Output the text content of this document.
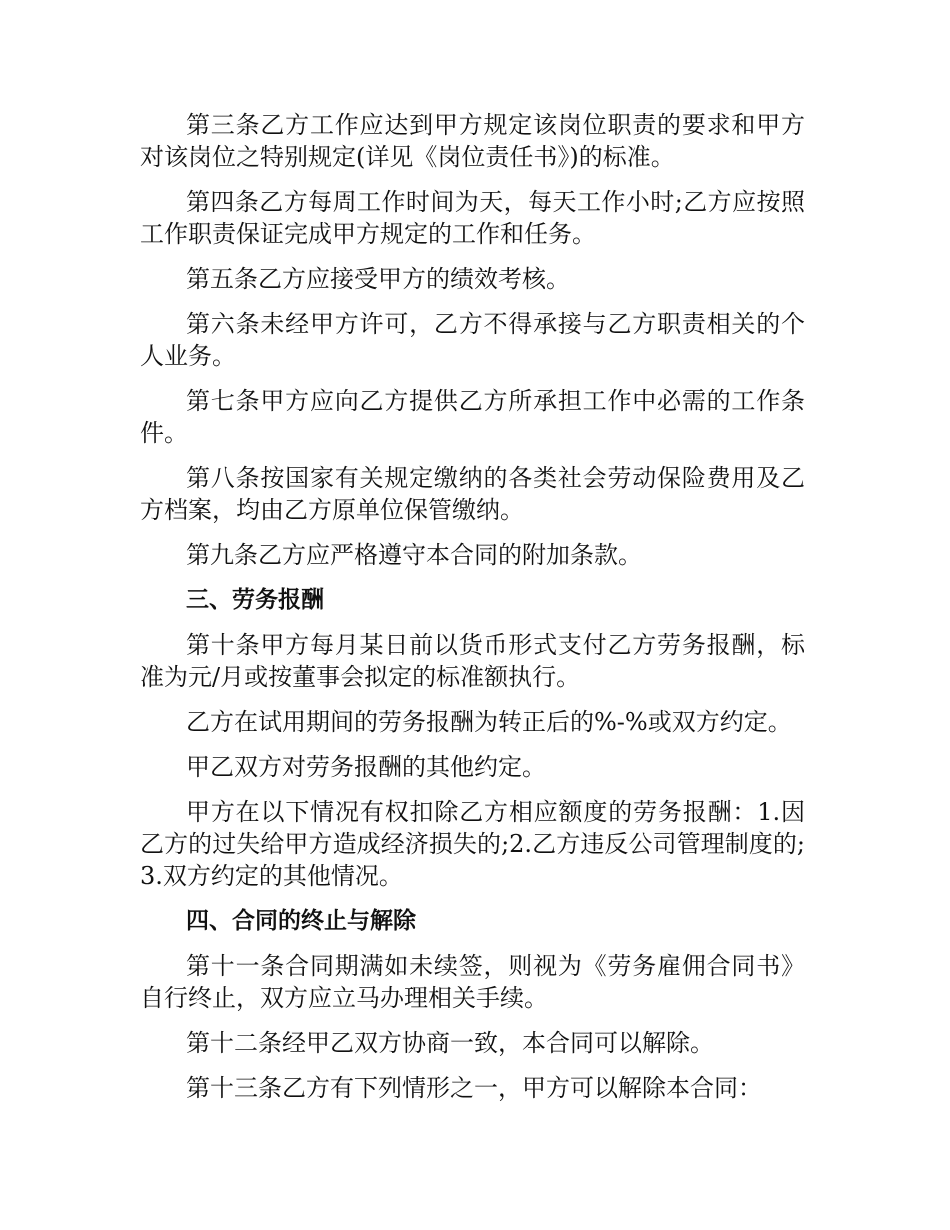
第三条乙方工作应达到甲方规定该岗位职责的要求和甲方对该岗位之特别规定(详见《岗位责任书》)的标准。

第四条乙方每周工作时间为天，每天工作小时;乙方应按照工作职责保证完成甲方规定的工作和任务。

第五条乙方应接受甲方的绩效考核。

第六条未经甲方许可，乙方不得承接与乙方职责相关的个人业务。

第七条甲方应向乙方提供乙方所承担工作中必需的工作条件。

第八条按国家有关规定缴纳的各类社会劳动保险费用及乙方档案，均由乙方原单位保管缴纳。

第九条乙方应严格遵守本合同的附加条款。

三、劳务报酬

第十条甲方每月某日前以货币形式支付乙方劳务报酬，标准为元/月或按董事会拟定的标准额执行。

乙方在试用期间的劳务报酬为转正后的%-%或双方约定。

甲乙双方对劳务报酬的其他约定。

甲方在以下情况有权扣除乙方相应额度的劳务报酬：1.因乙方的过失给甲方造成经济损失的;2.乙方违反公司管理制度的;3.双方约定的其他情况。

四、合同的终止与解除

第十一条合同期满如未续签，则视为《劳务雇佣合同书》自行终止，双方应立马办理相关手续。

第十二条经甲乙双方协商一致，本合同可以解除。

第十三条乙方有下列情形之一，甲方可以解除本合同：
